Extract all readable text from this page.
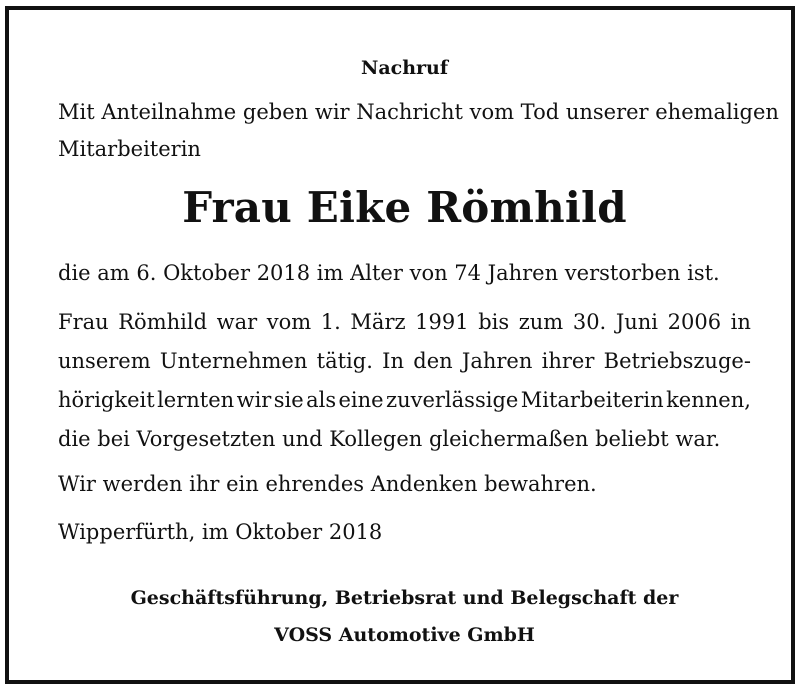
Nachruf

Mit Anteilnahme geben wir Nachricht vom Tod unserer ehemaligen
Mitarbeiterin

Frau Eike Römhild

die am 6. Oktober 2018 im Alter von 74 Jahren verstorben ist.

Frau Römhild war vom 1. März 1991 bis zum 30. Juni 2006 in
unserem Unternehmen tätig. In den Jahren ihrer Betriebszuge-
hörigkeit lernten wir sie als eine zuverlässige Mitarbeiterin kennen,
die bei Vorgesetzten und Kollegen gleichermaßen beliebt war.

Wir werden ihr ein ehrendes Andenken bewahren.

Wipperfürth, im Oktober 2018

Geschäftsführung, Betriebsrat und Belegschaft der
VOSS Automotive GmbH
